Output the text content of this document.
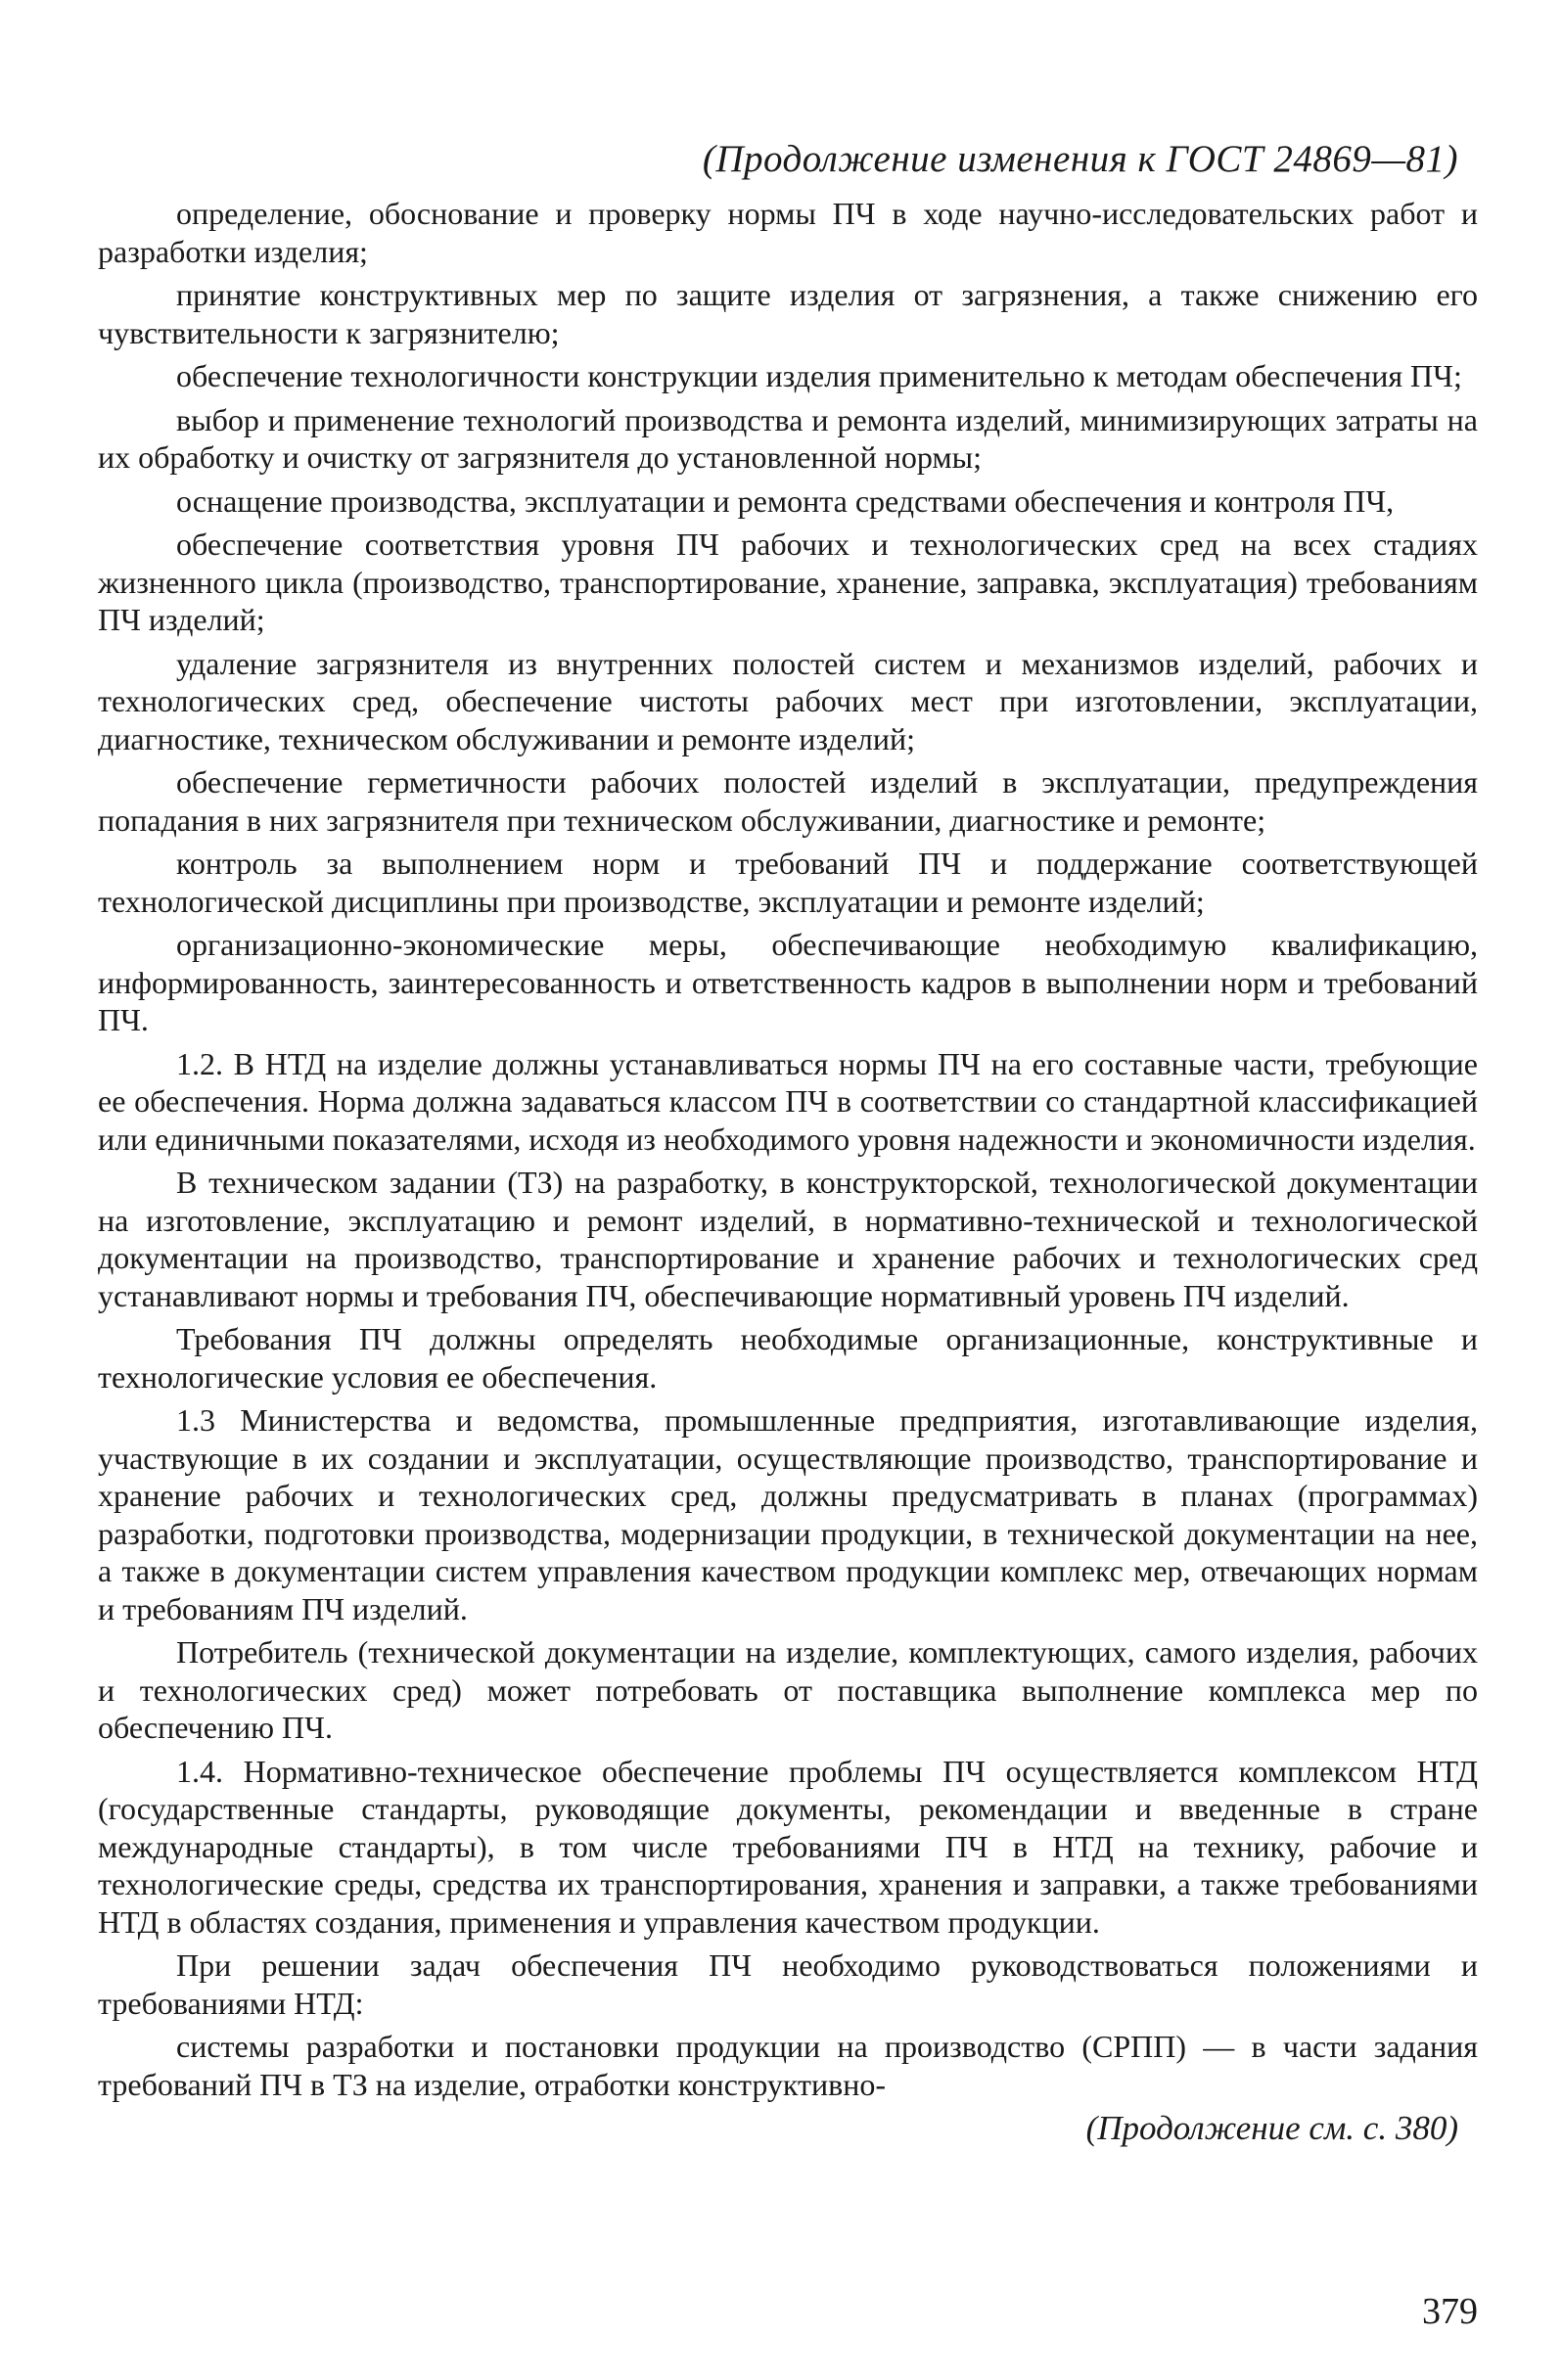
(Продолжение изменения к ГОСТ 24869—81)

определение, обоснование и проверку нормы ПЧ в ходе научно-исследовательских работ и разработки изделия;

принятие конструктивных мер по защите изделия от загрязнения, а также снижению его чувствительности к загрязнителю;

обеспечение технологичности конструкции изделия применительно к методам обеспечения ПЧ;

выбор и применение технологий производства и ремонта изделий, минимизирующих затраты на их обработку и очистку от загрязнителя до установленной нормы;

оснащение производства, эксплуатации и ремонта средствами обеспечения и контроля ПЧ,

обеспечение соответствия уровня ПЧ рабочих и технологических сред на всех стадиях жизненного цикла (производство, транспортирование, хранение, заправка, эксплуатация) требованиям ПЧ изделий;

удаление загрязнителя из внутренних полостей систем и механизмов изделий, рабочих и технологических сред, обеспечение чистоты рабочих мест при изготовлении, эксплуатации, диагностике, техническом обслуживании и ремонте изделий;

обеспечение герметичности рабочих полостей изделий в эксплуатации, предупреждения попадания в них загрязнителя при техническом обслуживании, диагностике и ремонте;

контроль за выполнением норм и требований ПЧ и поддержание соответствующей технологической дисциплины при производстве, эксплуатации и ремонте изделий;

организационно-экономические меры, обеспечивающие необходимую квалификацию, информированность, заинтересованность и ответственность кадров в выполнении норм и требований ПЧ.

1.2. В НТД на изделие должны устанавливаться нормы ПЧ на его составные части, требующие ее обеспечения. Норма должна задаваться классом ПЧ в соответствии со стандартной классификацией или единичными показателями, исходя из необходимого уровня надежности и экономичности изделия.

В техническом задании (ТЗ) на разработку, в конструкторской, технологической документации на изготовление, эксплуатацию и ремонт изделий, в нормативно-технической и технологической документации на производство, транспортирование и хранение рабочих и технологических сред устанавливают нормы и требования ПЧ, обеспечивающие нормативный уровень ПЧ изделий.

Требования ПЧ должны определять необходимые организационные, конструктивные и технологические условия ее обеспечения.

1.3 Министерства и ведомства, промышленные предприятия, изготавливающие изделия, участвующие в их создании и эксплуатации, осуществляющие производство, транспортирование и хранение рабочих и технологических сред, должны предусматривать в планах (программах) разработки, подготовки производства, модернизации продукции, в технической документации на нее, а также в документации систем управления качеством продукции комплекс мер, отвечающих нормам и требованиям ПЧ изделий.

Потребитель (технической документации на изделие, комплектующих, самого изделия, рабочих и технологических сред) может потребовать от поставщика выполнение комплекса мер по обеспечению ПЧ.

1.4. Нормативно-техническое обеспечение проблемы ПЧ осуществляется комплексом НТД (государственные стандарты, руководящие документы, рекомендации и введенные в стране международные стандарты), в том числе требованиями ПЧ в НТД на технику, рабочие и технологические среды, средства их транспортирования, хранения и заправки, а также требованиями НТД в областях создания, применения и управления качеством продукции.

При решении задач обеспечения ПЧ необходимо руководствоваться положениями и требованиями НТД:

системы разработки и постановки продукции на производство (СРПП) — в части задания требований ПЧ в ТЗ на изделие, отработки конструктивно-

(Продолжение см. с. 380)
379
